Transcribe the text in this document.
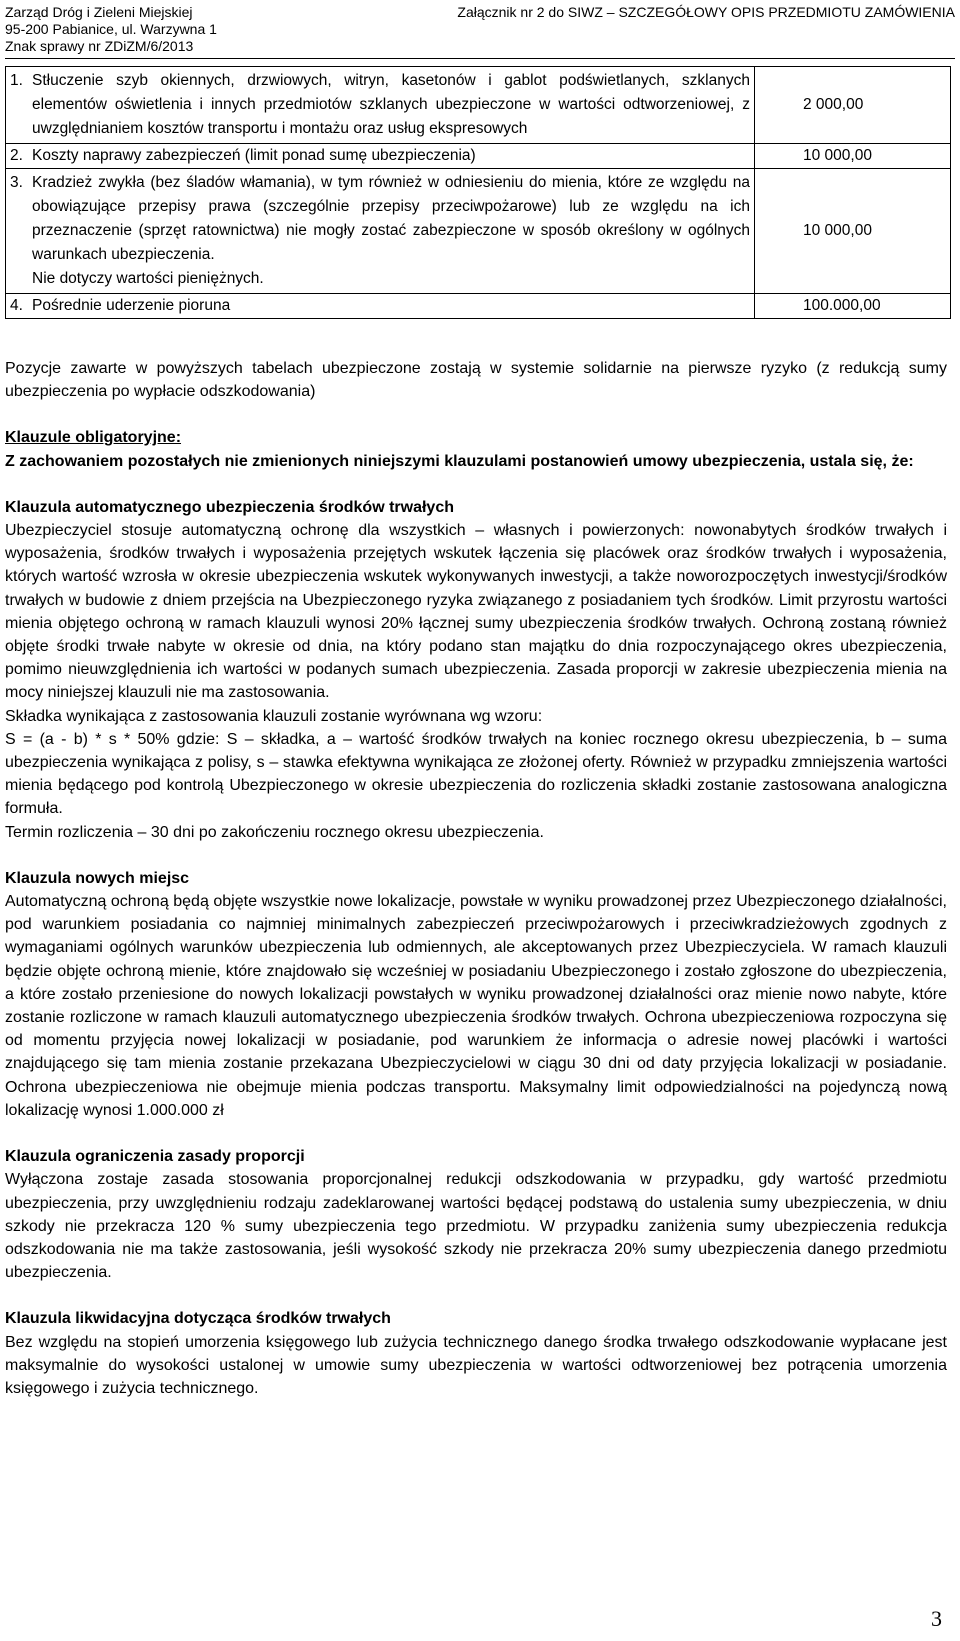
Zarząd Dróg i Zieleni Miejskiej
95-200 Pabianice, ul. Warzywna 1
Znak sprawy nr ZDiZM/6/2013
Załącznik nr 2 do SIWZ – SZCZEGÓŁOWY OPIS PRZEDMIOTU ZAMÓWIENIA
1. Stłuczenie szyb okiennych, drzwiowych, witryn, kasetonów i gablot podświetlanych, szklanych elementów oświetlenia i innych przedmiotów szklanych ubezpieczone w wartości odtworzeniowej, z uwzględnianiem kosztów transportu i montażu oraz usług ekspresowych	2 000,00

2. Koszty naprawy zabezpieczeń (limit ponad sumę ubezpieczenia)	10 000,00

3. Kradzież zwykła (bez śladów włamania), w tym również w odniesieniu do mienia, które ze względu na obowiązujące przepisy prawa (szczególnie przepisy przeciwpożarowe) lub ze względu na ich przeznaczenie (sprzęt ratownictwa) nie mogły zostać zabezpieczone w sposób określony w ogólnych warunkach ubezpieczenia.
Nie dotyczy wartości pieniężnych.	10 000,00

4. Pośrednie uderzenie pioruna	100.000,00

Pozycje zawarte w powyższych tabelach ubezpieczone zostają w systemie solidarnie na pierwsze ryzyko (z redukcją sumy ubezpieczenia po wypłacie odszkodowania)

Klauzule obligatoryjne:

Z zachowaniem pozostałych nie zmienionych niniejszymi klauzulami postanowień umowy ubezpieczenia, ustala się, że:

Klauzula automatycznego ubezpieczenia środków trwałych

Ubezpieczyciel stosuje automatyczną ochronę dla wszystkich – własnych i powierzonych: nowonabytych środków trwałych i wyposażenia, środków trwałych i wyposażenia przejętych wskutek łączenia się placówek oraz środków trwałych i wyposażenia, których wartość wzrosła w okresie ubezpieczenia wskutek wykonywanych inwestycji, a także noworozpoczętych inwestycji/środków trwałych w budowie z dniem przejścia na Ubezpieczonego ryzyka związanego z posiadaniem tych środków. Limit przyrostu wartości mienia objętego ochroną w ramach klauzuli wynosi 20% łącznej sumy ubezpieczenia środków trwałych. Ochroną zostaną również objęte środki trwałe nabyte w okresie od dnia, na który podano stan majątku do dnia rozpoczynającego okres ubezpieczenia, pomimo nieuwzględnienia ich wartości w podanych sumach ubezpieczenia. Zasada proporcji w zakresie ubezpieczenia mienia na mocy niniejszej klauzuli nie ma zastosowania.

Składka wynikająca z zastosowania klauzuli zostanie wyrównana wg wzoru:

S = (a - b) * s * 50% gdzie: S – składka, a – wartość środków trwałych na koniec rocznego okresu ubezpieczenia, b – suma ubezpieczenia wynikająca z polisy, s – stawka efektywna wynikająca ze złożonej oferty. Również w przypadku zmniejszenia wartości mienia będącego pod kontrolą Ubezpieczonego w okresie ubezpieczenia do rozliczenia składki zostanie zastosowana analogiczna formuła.

Termin rozliczenia – 30 dni po zakończeniu rocznego okresu ubezpieczenia.

Klauzula nowych miejsc

Automatyczną ochroną będą objęte wszystkie nowe lokalizacje, powstałe w wyniku prowadzonej przez Ubezpieczonego działalności, pod warunkiem posiadania co najmniej minimalnych zabezpieczeń przeciwpożarowych i przeciwkradzieżowych zgodnych z wymaganiami ogólnych warunków ubezpieczenia lub odmiennych, ale akceptowanych przez Ubezpieczyciela. W ramach klauzuli będzie objęte ochroną mienie, które znajdowało się wcześniej w posiadaniu Ubezpieczonego i zostało zgłoszone do ubezpieczenia, a które zostało przeniesione do nowych lokalizacji powstałych w wyniku prowadzonej działalności oraz mienie nowo nabyte, które zostanie rozliczone w ramach klauzuli automatycznego ubezpieczenia środków trwałych. Ochrona ubezpieczeniowa rozpoczyna się od momentu przyjęcia nowej lokalizacji w posiadanie, pod warunkiem że informacja o adresie nowej placówki i wartości znajdującego się tam mienia zostanie przekazana Ubezpieczycielowi w ciągu 30 dni od daty przyjęcia lokalizacji w posiadanie. Ochrona ubezpieczeniowa nie obejmuje mienia podczas transportu. Maksymalny limit odpowiedzialności na pojedynczą nową lokalizację wynosi 1.000.000 zł

Klauzula ograniczenia zasady proporcji

Wyłączona zostaje zasada stosowania proporcjonalnej redukcji odszkodowania w przypadku, gdy wartość przedmiotu ubezpieczenia, przy uwzględnieniu rodzaju zadeklarowanej wartości będącej podstawą do ustalenia sumy ubezpieczenia, w dniu szkody nie przekracza 120 % sumy ubezpieczenia tego przedmiotu. W przypadku zaniżenia sumy ubezpieczenia redukcja odszkodowania nie ma także zastosowania, jeśli wysokość szkody nie przekracza 20% sumy ubezpieczenia danego przedmiotu ubezpieczenia.

Klauzula likwidacyjna dotycząca środków trwałych

Bez względu na stopień umorzenia księgowego lub zużycia technicznego danego środka trwałego odszkodowanie wypłacane jest maksymalnie do wysokości ustalonej w umowie sumy ubezpieczenia w wartości odtworzeniowej bez potrącenia umorzenia księgowego i zużycia technicznego.

3
